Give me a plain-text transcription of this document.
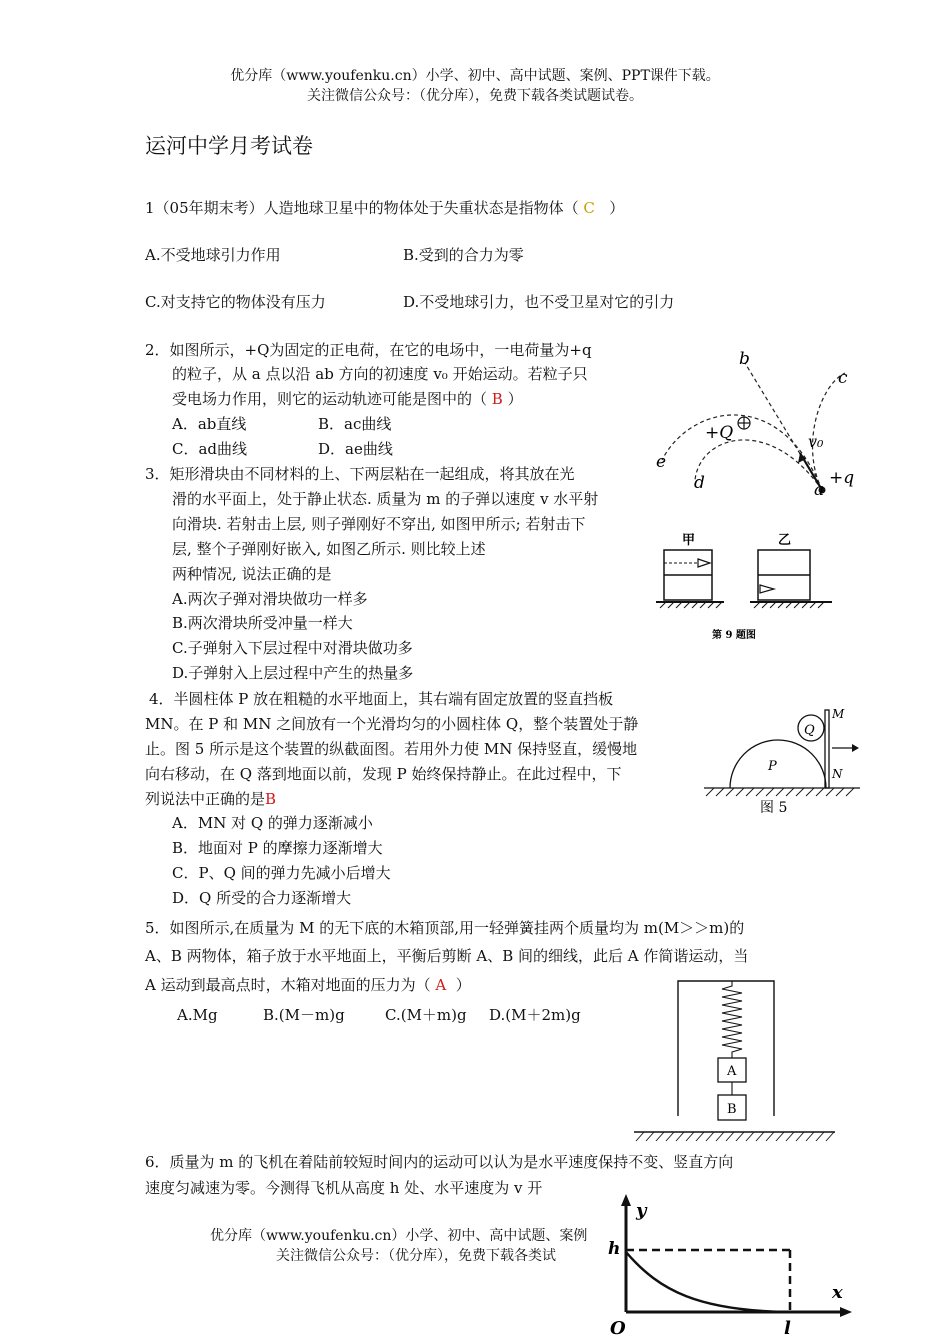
优分库（www.youfenku.cn）小学、初中、高中试题、案例、PPT课件下载。
关注微信公众号：（优分库），免费下载各类试题试卷。
运河中学月考试卷
1（05年期末考）人造地球卫星中的物体处于失重状态是指物体（ C ）
A.不受地球引力作用	B.受到的合力为零
C.对支持它的物体没有压力	D.不受地球引力，也不受卫星对它的引力
2．如图所示，+Q为固定的正电荷，在它的电场中，一电荷量为+q
的粒子，从 a 点以沿 ab 方向的初速度 v₀ 开始运动。若粒子只
受电场力作用，则它的运动轨迹可能是图中的（ B ）
A．ab直线	B．ac曲线
C．ad曲线	D．ae曲线
b
c
e
d	a
+Q	v₀
+q
3．矩形滑块由不同材料的上、下两层粘在一起组成，将其放在光
滑的水平面上，处于静止状态. 质量为 m 的子弹以速度 v 水平射
向滑块. 若射击上层, 则子弹刚好不穿出, 如图甲所示; 若射击下
层, 整个子弹刚好嵌入, 如图乙所示. 则比较上述
两种情况, 说法正确的是
A.两次子弹对滑块做功一样多
B.两次滑块所受冲量一样大
C.子弹射入下层过程中对滑块做功多
D.子弹射入上层过程中产生的热量多
甲	乙
第 9 题图
4．半圆柱体 P 放在粗糙的水平地面上，其右端有固定放置的竖直挡板
MN。在 P 和 MN 之间放有一个光滑均匀的小圆柱体 Q，整个装置处于静
止。图 5 所示是这个装置的纵截面图。若用外力使 MN 保持竖直，缓慢地
向右移动，在 Q 落到地面以前，发现 P 始终保持静止。在此过程中，下
列说法中正确的是B
A．MN 对 Q 的弹力逐渐减小
B．地面对 P 的摩擦力逐渐增大
C．P、Q 间的弹力先减小后增大
D．Q 所受的合力逐渐增大
M
N
Q
P
图 5
5．如图所示,在质量为 M 的无下底的木箱顶部,用一轻弹簧挂两个质量均为 m(M＞＞m)的
A、B 两物体，箱子放于水平地面上，平衡后剪断 A、B 间的细线，此后 A 作简谐运动，当
A 运动到最高点时，木箱对地面的压力为（ A ）
A.Mg	B.(M－m)g	C.(M＋m)g D.(M＋2m)g
A
B
6．质量为 m 的飞机在着陆前较短时间内的运动可以认为是水平速度保持不变、竖直方向
速度匀减速为零。今测得飞机从高度 h 处、水平速度为 v 开
优分库（www.youfenku.cn）小学、初中、高中试题、案例
关注微信公众号：（优分库），免费下载各类试
y
x
h
O	l
